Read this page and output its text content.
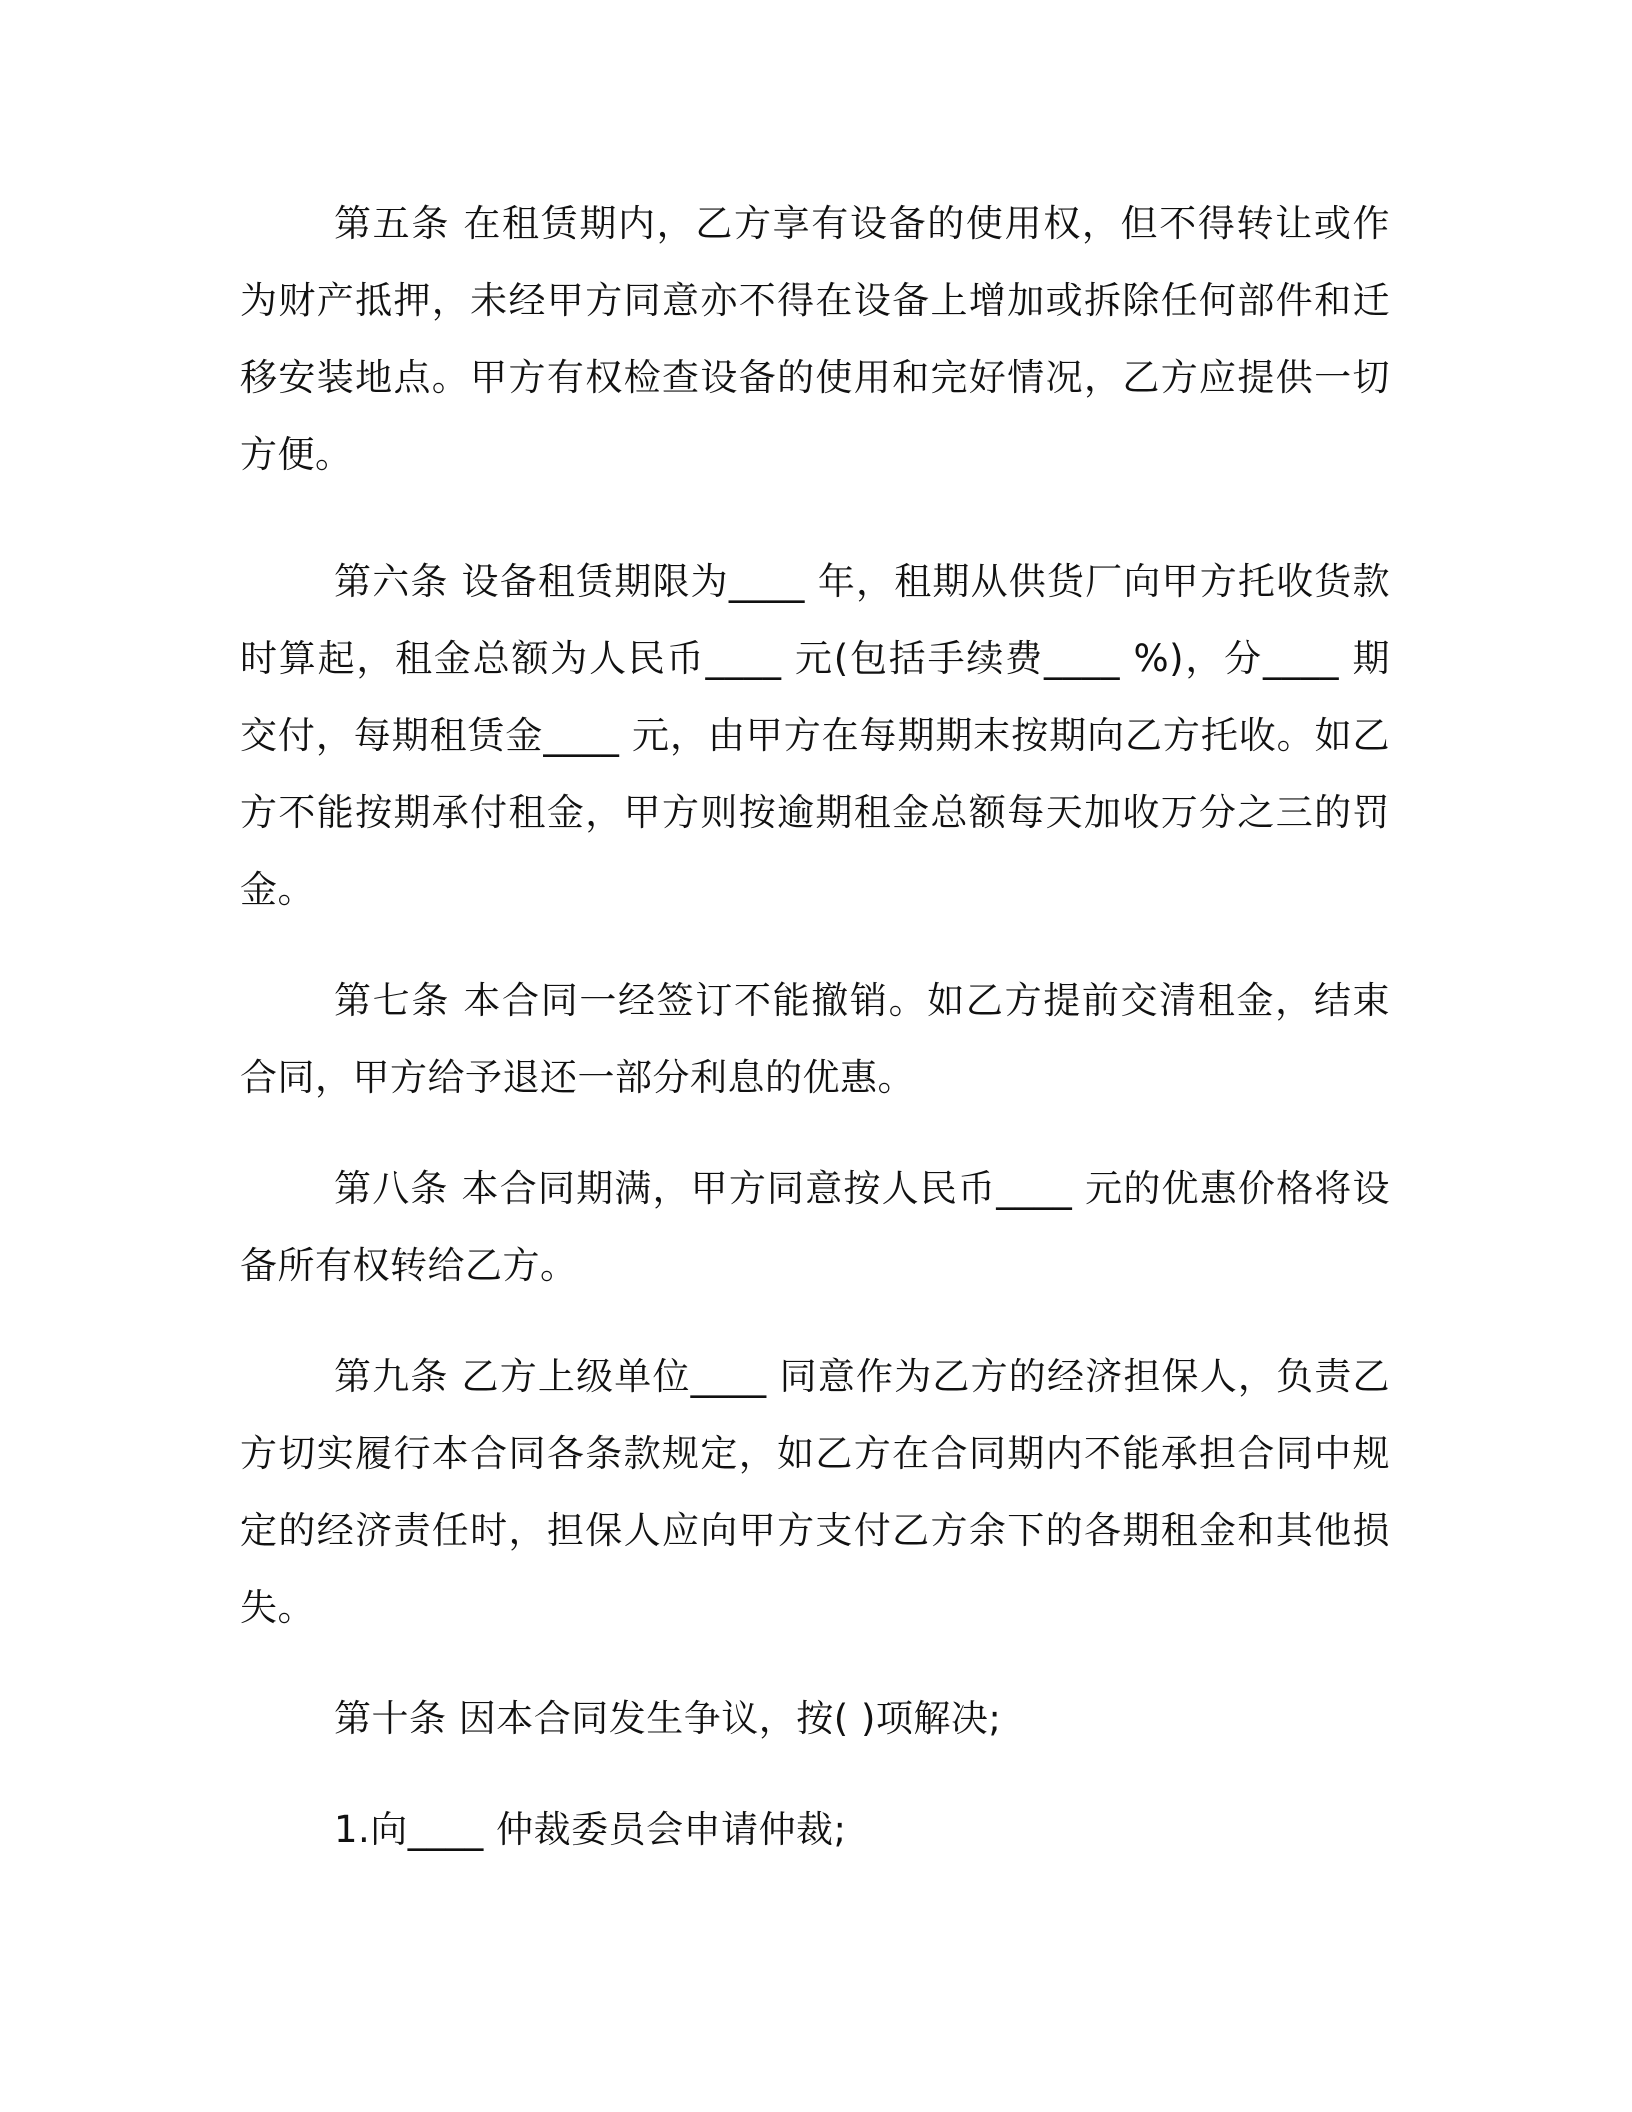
第五条 在租赁期内，乙方享有设备的使用权，但不得转让或作为财产抵押，未经甲方同意亦不得在设备上增加或拆除任何部件和迁移安装地点。甲方有权检查设备的使用和完好情况，乙方应提供一切方便。

第六条 设备租赁期限为____ 年，租期从供货厂向甲方托收货款时算起，租金总额为人民币____ 元(包括手续费____ %)，分____ 期交付，每期租赁金____ 元，由甲方在每期期末按期向乙方托收。如乙方不能按期承付租金，甲方则按逾期租金总额每天加收万分之三的罚金。

第七条 本合同一经签订不能撤销。如乙方提前交清租金，结束合同，甲方给予退还一部分利息的优惠。

第八条 本合同期满，甲方同意按人民币____ 元的优惠价格将设备所有权转给乙方。

第九条 乙方上级单位____ 同意作为乙方的经济担保人，负责乙方切实履行本合同各条款规定，如乙方在合同期内不能承担合同中规定的经济责任时，担保人应向甲方支付乙方余下的各期租金和其他损失。

第十条 因本合同发生争议，按( )项解决;

1.向____ 仲裁委员会申请仲裁;
